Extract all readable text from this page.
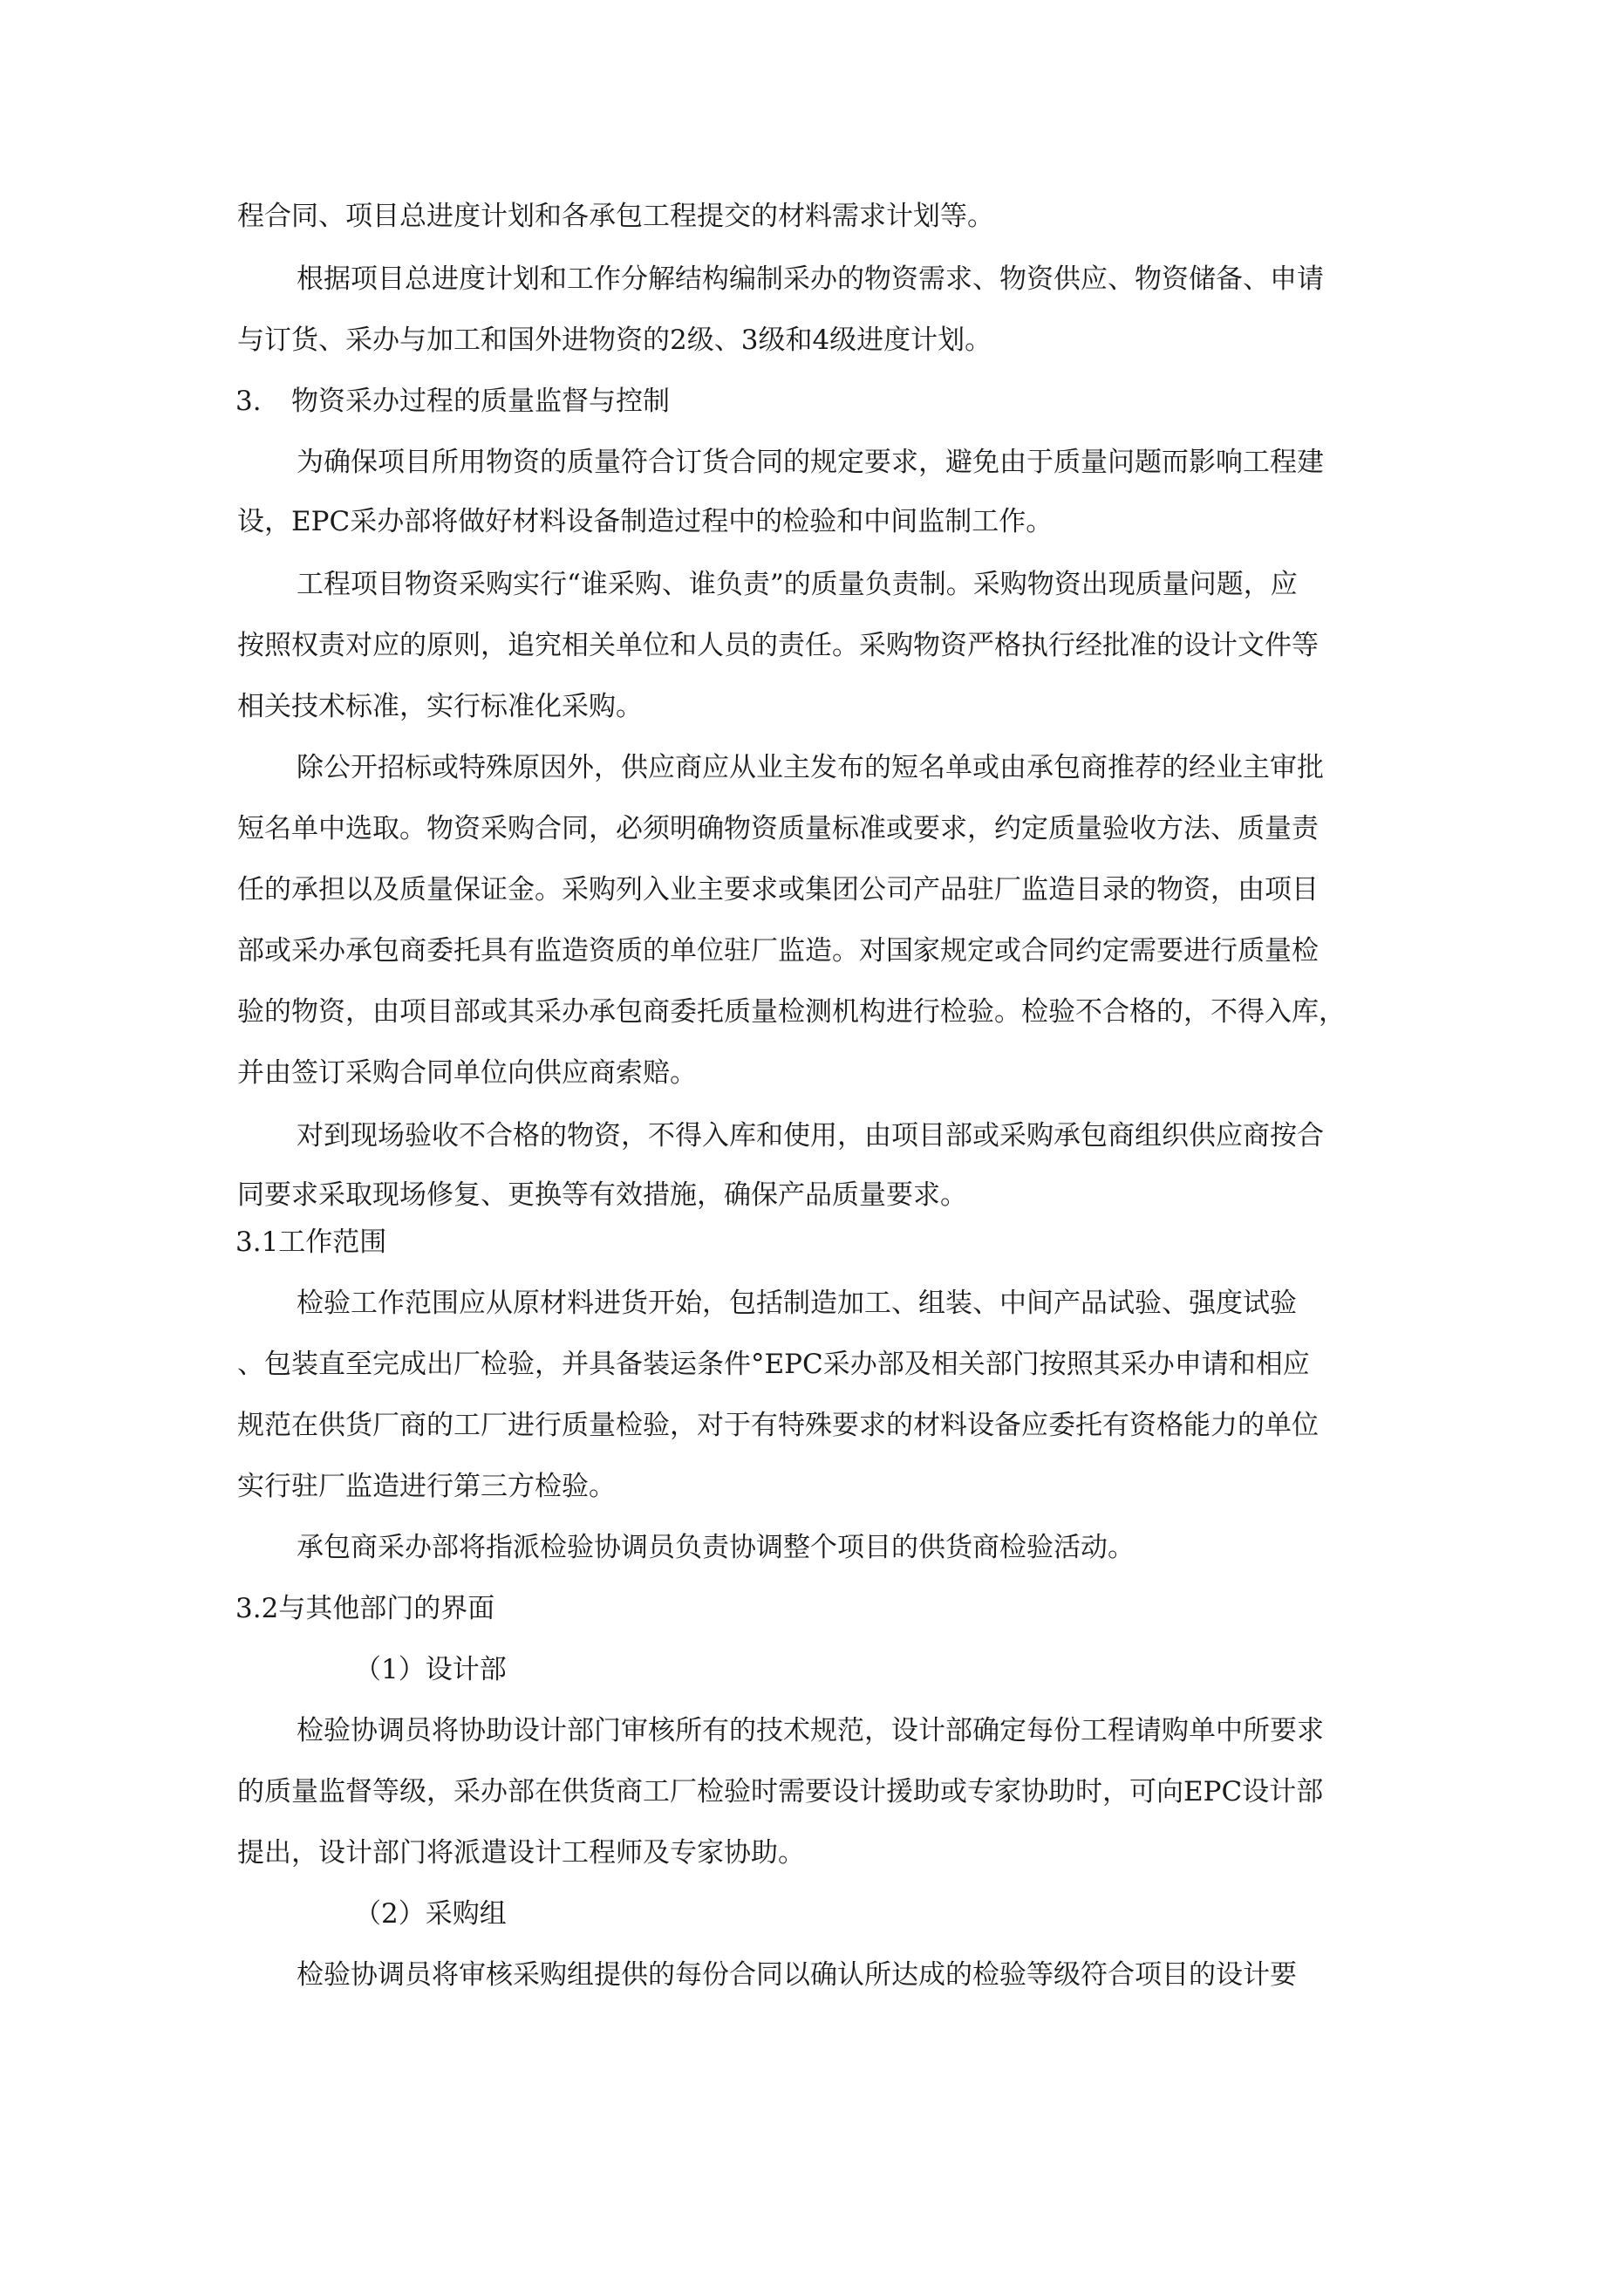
程合同、项目总进度计划和各承包工程提交的材料需求计划等。
根据项目总进度计划和工作分解结构编制采办的物资需求、物资供应、物资储备、申请
与订货、采办与加工和国外进物资的2级、3级和4级进度计划。
3. 物资采办过程的质量监督与控制
为确保项目所用物资的质量符合订货合同的规定要求，避免由于质量问题而影响工程建
设，EPC采办部将做好材料设备制造过程中的检验和中间监制工作。
工程项目物资采购实行“谁采购、谁负责”的质量负责制。采购物资出现质量问题，应
按照权责对应的原则，追究相关单位和人员的责任。采购物资严格执行经批准的设计文件等
相关技术标准，实行标准化采购。
除公开招标或特殊原因外，供应商应从业主发布的短名单或由承包商推荐的经业主审批
短名单中选取。物资采购合同，必须明确物资质量标准或要求，约定质量验收方法、质量责
任的承担以及质量保证金。采购列入业主要求或集团公司产品驻厂监造目录的物资，由项目
部或采办承包商委托具有监造资质的单位驻厂监造。对国家规定或合同约定需要进行质量检
验的物资，由项目部或其采办承包商委托质量检测机构进行检验。检验不合格的，不得入库，
并由签订采购合同单位向供应商索赔。
对到现场验收不合格的物资，不得入库和使用，由项目部或采购承包商组织供应商按合
同要求采取现场修复、更换等有效措施，确保产品质量要求。
3.1工作范围
检验工作范围应从原材料进货开始，包括制造加工、组装、中间产品试验、强度试验
、包装直至完成出厂检验，并具备装运条件°EPC采办部及相关部门按照其采办申请和相应
规范在供货厂商的工厂进行质量检验，对于有特殊要求的材料设备应委托有资格能力的单位
实行驻厂监造进行第三方检验。
承包商采办部将指派检验协调员负责协调整个项目的供货商检验活动。
3.2与其他部门的界面
（1）设计部
检验协调员将协助设计部门审核所有的技术规范，设计部确定每份工程请购单中所要求
的质量监督等级，采办部在供货商工厂检验时需要设计援助或专家协助时，可向EPC设计部
提出，设计部门将派遣设计工程师及专家协助。
（2）采购组
检验协调员将审核采购组提供的每份合同以确认所达成的检验等级符合项目的设计要
